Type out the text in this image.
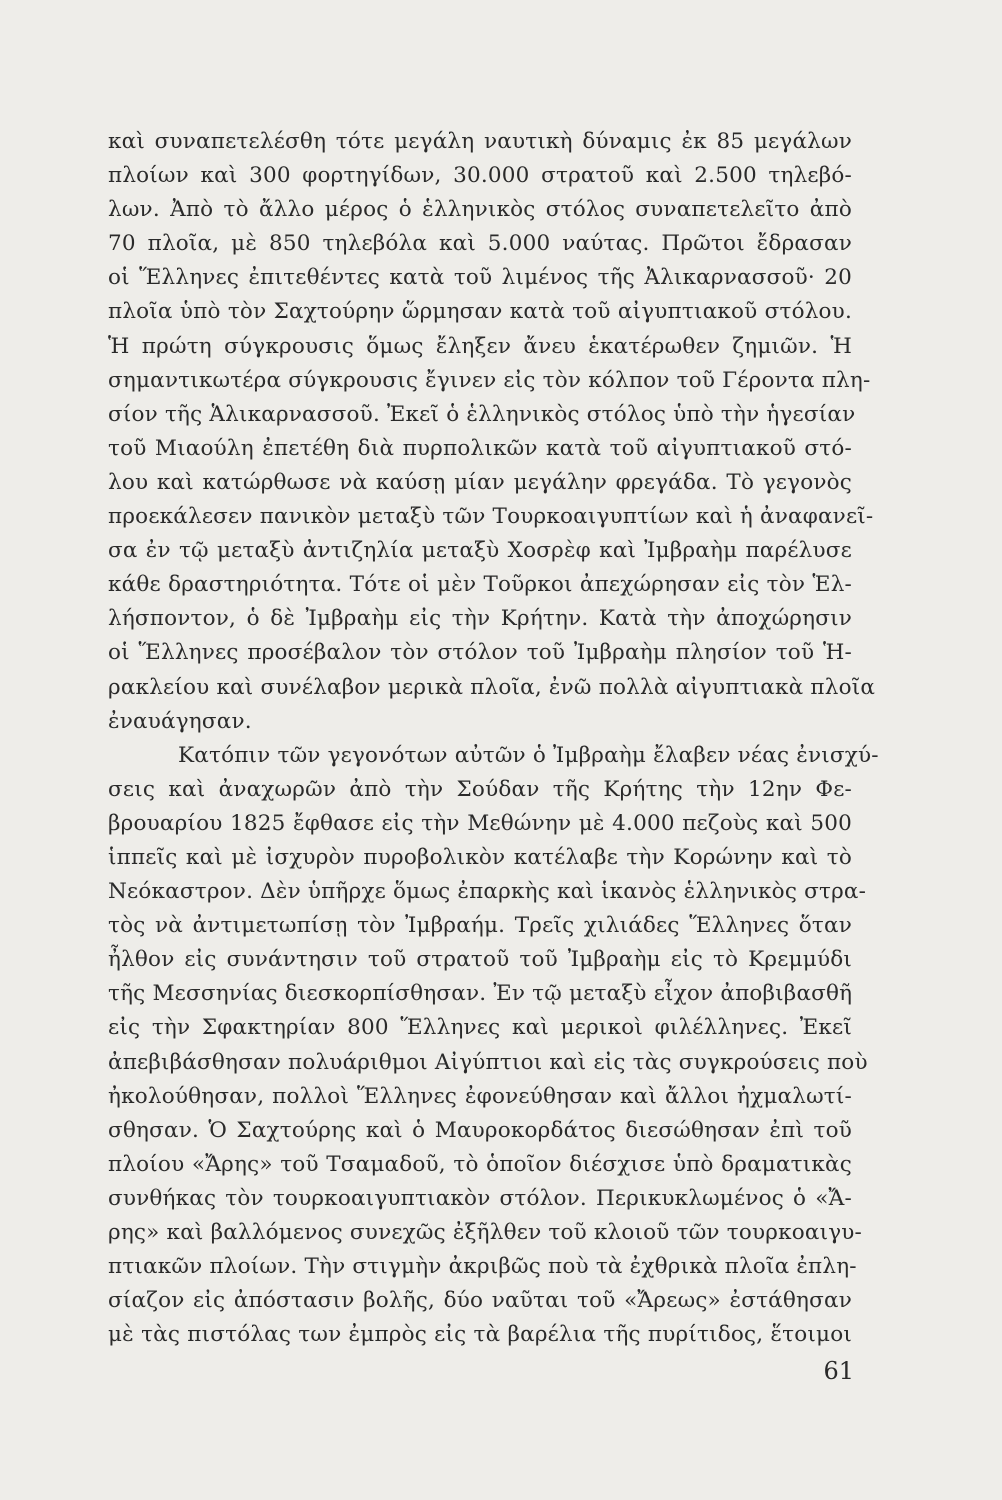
καὶ συναπετελέσθη τότε μεγάλη ναυτικὴ δύναμις ἐκ 85 μεγάλων
πλοίων καὶ 300 φορτηγίδων, 30.000 στρατοῦ καὶ 2.500 τηλεβό-
λων. Ἀπὸ τὸ ἄλλο μέρος ὁ ἑλληνικὸς στόλος συναπετελεῖτο ἀπὸ
70 πλοῖα, μὲ 850 τηλεβόλα καὶ 5.000 ναύτας. Πρῶτοι ἔδρασαν
οἱ Ἕλληνες ἐπιτεθέντες κατὰ τοῦ λιμένος τῆς Ἀλικαρνασσοῦ· 20
πλοῖα ὑπὸ τὸν Σαχτούρην ὥρμησαν κατὰ τοῦ αἰγυπτιακοῦ στόλου.
Ἡ πρώτη σύγκρουσις ὅμως ἔληξεν ἄνευ ἑκατέρωθεν ζημιῶν. Ἡ
σημαντικωτέρα σύγκρουσις ἔγινεν εἰς τὸν κόλπον τοῦ Γέροντα πλη-
σίον τῆς Ἁλικαρνασσοῦ. Ἐκεῖ ὁ ἑλληνικὸς στόλος ὑπὸ τὴν ἡγεσίαν
τοῦ Μιαούλη ἐπετέθη διὰ πυρπολικῶν κατὰ τοῦ αἰγυπτιακοῦ στό-
λου καὶ κατώρθωσε νὰ καύσῃ μίαν μεγάλην φρεγάδα. Τὸ γεγονὸς
προεκάλεσεν πανικὸν μεταξὺ τῶν Τουρκοαιγυπτίων καὶ ἡ ἀναφανεῖ-
σα ἐν τῷ μεταξὺ ἀντιζηλία μεταξὺ Χοσρὲφ καὶ Ἰμβραὴμ παρέλυσε
κάθε δραστηριότητα. Τότε οἱ μὲν Τοῦρκοι ἀπεχώρησαν εἰς τὸν Ἑλ-
λήσποντον, ὁ δὲ Ἰμβραὴμ εἰς τὴν Κρήτην. Κατὰ τὴν ἀποχώρησιν
οἱ Ἕλληνες προσέβαλον τὸν στόλον τοῦ Ἰμβραὴμ πλησίον τοῦ Ἡ-
ρακλείου καὶ συνέλαβον μερικὰ πλοῖα, ἐνῶ πολλὰ αἰγυπτιακὰ πλοῖα
ἐναυάγησαν.
Κατόπιν τῶν γεγονότων αὐτῶν ὁ Ἰμβραὴμ ἔλαβεν νέας ἐνισχύ-
σεις καὶ ἀναχωρῶν ἀπὸ τὴν Σούδαν τῆς Κρήτης τὴν 12ην Φε-
βρουαρίου 1825 ἔφθασε εἰς τὴν Μεθώνην μὲ 4.000 πεζοὺς καὶ 500
ἱππεῖς καὶ μὲ ἰσχυρὸν πυροβολικὸν κατέλαβε τὴν Κορώνην καὶ τὸ
Νεόκαστρον. Δὲν ὑπῆρχε ὅμως ἐπαρκὴς καὶ ἱκανὸς ἑλληνικὸς στρα-
τὸς νὰ ἀντιμετωπίσῃ τὸν Ἰμβραήμ. Τρεῖς χιλιάδες Ἕλληνες ὅταν
ἦλθον εἰς συνάντησιν τοῦ στρατοῦ τοῦ Ἰμβραὴμ εἰς τὸ Κρεμμύδι
τῆς Μεσσηνίας διεσκορπίσθησαν. Ἐν τῷ μεταξὺ εἶχον ἀποβιβασθῆ
εἰς τὴν Σφακτηρίαν 800 Ἕλληνες καὶ μερικοὶ φιλέλληνες. Ἐκεῖ
ἀπεβιβάσθησαν πολυάριθμοι Αἰγύπτιοι καὶ εἰς τὰς συγκρούσεις ποὺ
ἠκολούθησαν, πολλοὶ Ἕλληνες ἐφονεύθησαν καὶ ἄλλοι ἠχμαλωτί-
σθησαν. Ὁ Σαχτούρης καὶ ὁ Μαυροκορδάτος διεσώθησαν ἐπὶ τοῦ
πλοίου «Ἄρης» τοῦ Τσαμαδοῦ, τὸ ὁποῖον διέσχισε ὑπὸ δραματικὰς
συνθήκας τὸν τουρκοαιγυπτιακὸν στόλον. Περικυκλωμένος ὁ «Ἄ-
ρης» καὶ βαλλόμενος συνεχῶς ἐξῆλθεν τοῦ κλοιοῦ τῶν τουρκοαιγυ-
πτιακῶν πλοίων. Τὴν στιγμὴν ἀκριβῶς ποὺ τὰ ἐχθρικὰ πλοῖα ἐπλη-
σίαζον εἰς ἀπόστασιν βολῆς, δύο ναῦται τοῦ «Ἄρεως» ἐστάθησαν
μὲ τὰς πιστόλας των ἐμπρὸς εἰς τὰ βαρέλια τῆς πυρίτιδος, ἕτοιμοι
61
